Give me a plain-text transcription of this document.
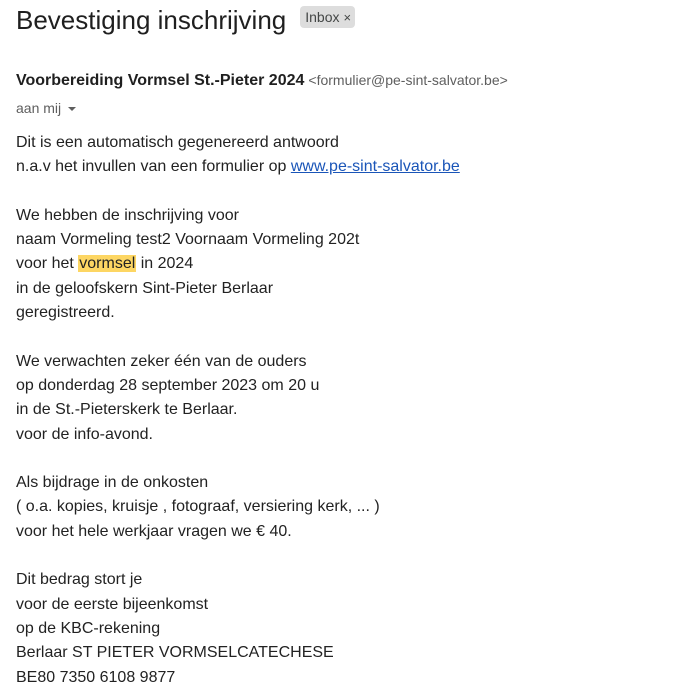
Bevestiging inschrijving Inbox ×
Voorbereiding Vormsel St.-Pieter 2024 <formulier@pe-sint-salvator.be>
aan mij
Dit is een automatisch gegenereerd antwoord
n.a.v het invullen van een formulier op www.pe-sint-salvator.be
We hebben de inschrijving voor
naam Vormeling test2 Voornaam Vormeling 202t
voor het vormsel in 2024
in de geloofskern Sint-Pieter Berlaar
geregistreerd.
We verwachten zeker één van de ouders
op donderdag 28 september 2023 om 20 u
in de St.-Pieterskerk te Berlaar.
voor de info-avond.
Als bijdrage in de onkosten
( o.a. kopies, kruisje , fotograaf, versiering kerk, ... )
voor het hele werkjaar vragen we € 40.
Dit bedrag stort je
voor de eerste bijeenkomst
op de KBC-rekening
Berlaar ST PIETER VORMSELCATECHESE
BE80 7350 6108 9877
